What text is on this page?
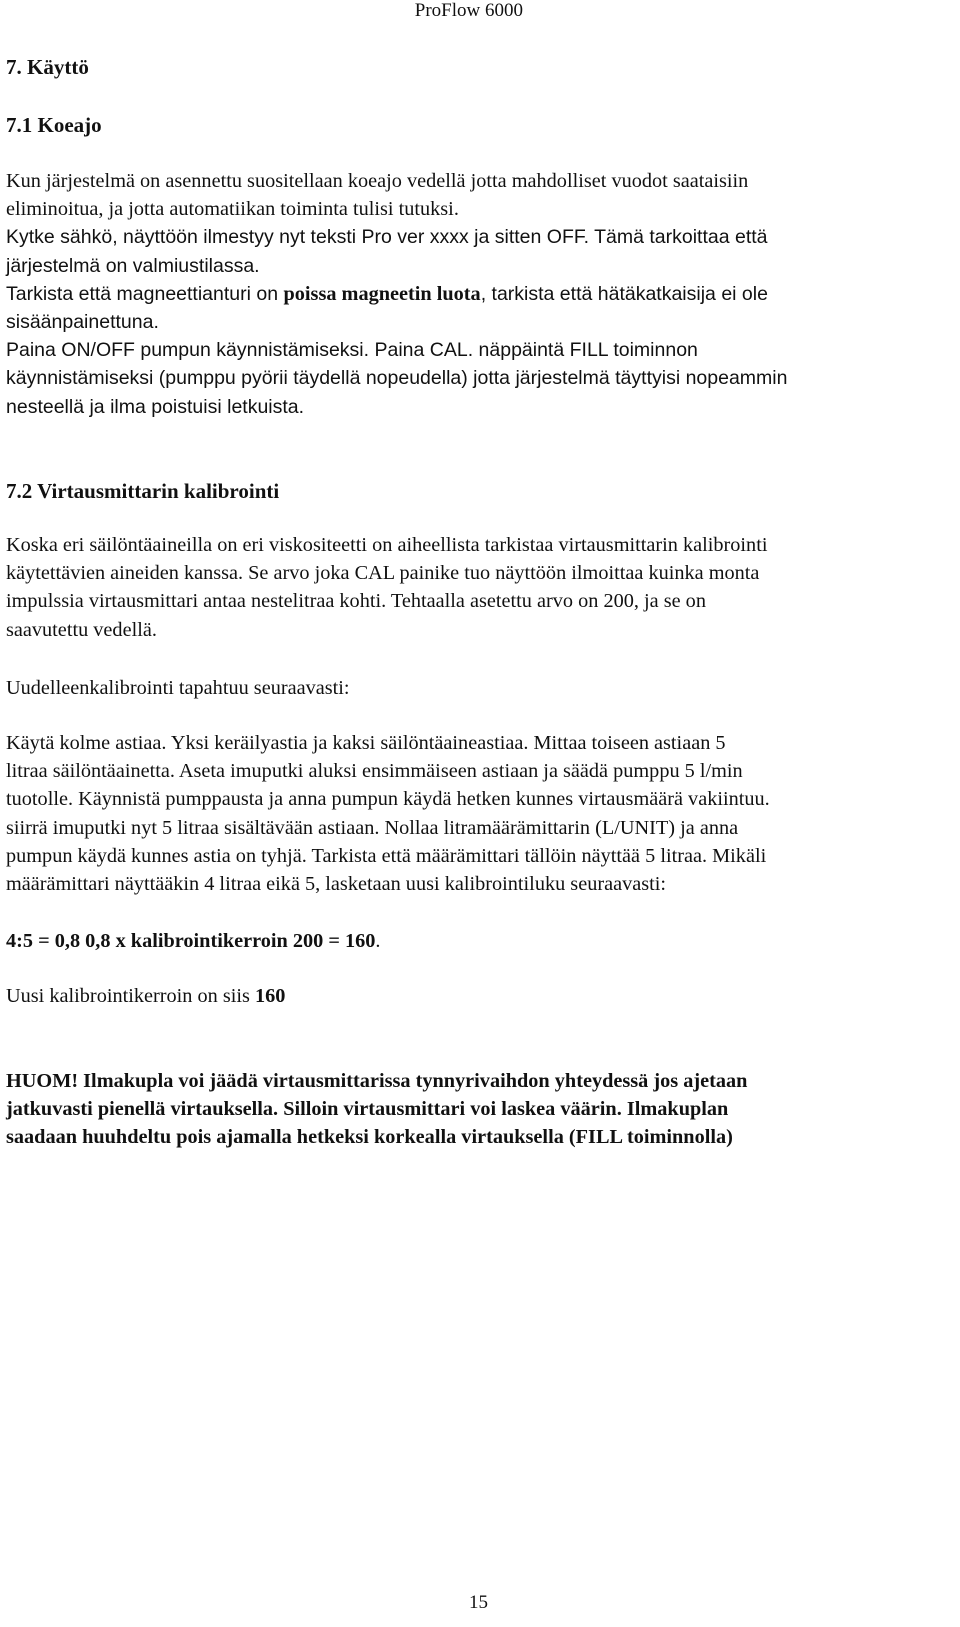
ProFlow 6000

7. Käyttö

7.1 Koeajo

Kun järjestelmä on asennettu suositellaan koeajo vedellä jotta mahdolliset vuodot saataisiin

eliminoitua, ja jotta automatiikan toiminta tulisi tutuksi.

Kytke sähkö, näyttöön ilmestyy nyt teksti Pro ver xxxx ja sitten OFF. Tämä tarkoittaa että

järjestelmä on valmiustilassa.

Tarkista että magneettianturi on poissa magneetin luota, tarkista että hätäkatkaisija ei ole

sisäänpainettuna.

Paina ON/OFF pumpun käynnistämiseksi. Paina CAL. näppäintä FILL toiminnon

käynnistämiseksi (pumppu pyörii täydellä nopeudella) jotta järjestelmä täyttyisi nopeammin

nesteellä ja ilma poistuisi letkuista.

7.2 Virtausmittarin kalibrointi

Koska eri säilöntäaineilla on eri viskositeetti on aiheellista tarkistaa virtausmittarin kalibrointi

käytettävien aineiden kanssa. Se arvo joka CAL painike tuo näyttöön ilmoittaa kuinka monta

impulssia virtausmittari antaa nestelitraa kohti. Tehtaalla asetettu arvo on 200, ja se on

saavutettu vedellä.

Uudelleenkalibrointi tapahtuu seuraavasti:

Käytä kolme astiaa. Yksi keräilyastia ja kaksi säilöntäaineastiaa. Mittaa toiseen astiaan 5

litraa säilöntäainetta. Aseta imuputki aluksi ensimmäiseen astiaan ja säädä pumppu 5 l/min

tuotolle. Käynnistä pumppausta ja anna pumpun käydä hetken kunnes virtausmäärä vakiintuu.

siirrä imuputki nyt 5 litraa sisältävään astiaan. Nollaa litramäärämittarin (L/UNIT) ja anna

pumpun käydä kunnes astia on tyhjä. Tarkista että määrämittari tällöin näyttää 5 litraa. Mikäli

määrämittari näyttääkin 4 litraa eikä 5, lasketaan uusi kalibrointiluku seuraavasti:

4:5 = 0,8 0,8 x kalibrointikerroin 200 = 160.

Uusi kalibrointikerroin on siis 160

HUOM! Ilmakupla voi jäädä virtausmittarissa tynnyrivaihdon yhteydessä jos ajetaan

jatkuvasti pienellä virtauksella. Silloin virtausmittari voi laskea väärin. Ilmakuplan

saadaan huuhdeltu pois ajamalla hetkeksi korkealla virtauksella (FILL toiminnolla)

15
